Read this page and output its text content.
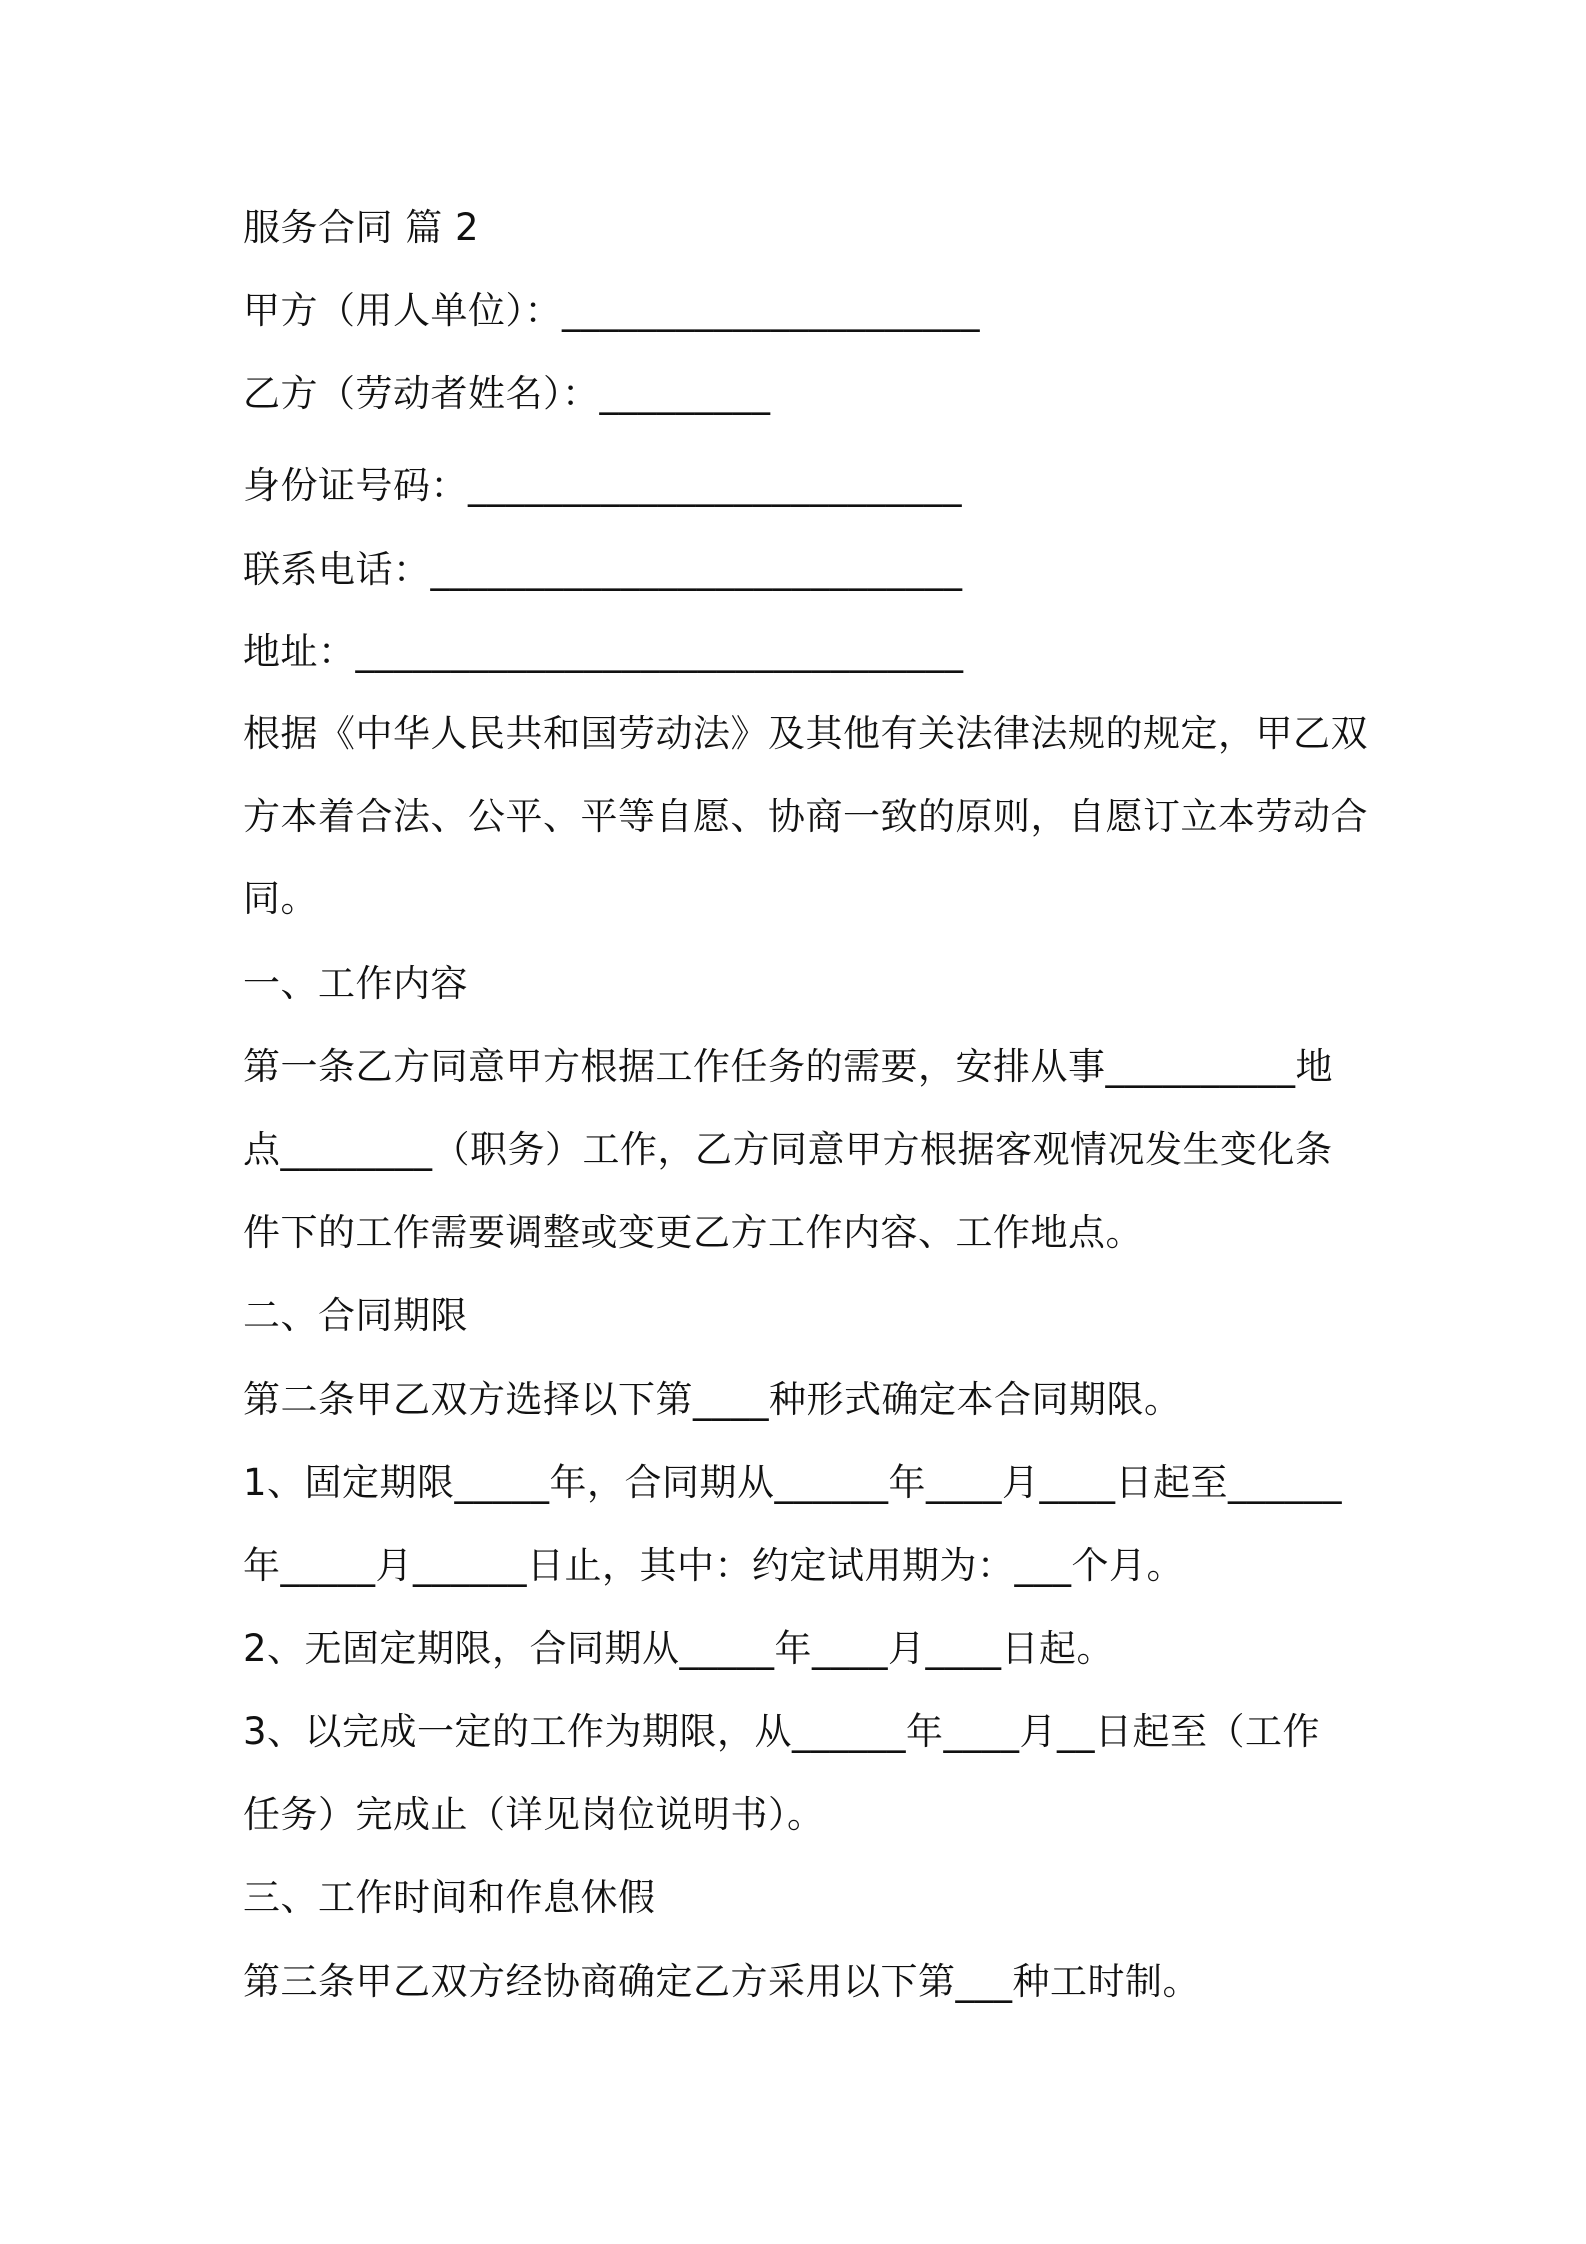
服务合同 篇 2
甲方（用人单位）：______________________
乙方（劳动者姓名）：_________
身份证号码：__________________________
联系电话：____________________________
地址：________________________________
根据《中华人民共和国劳动法》及其他有关法律法规的规定，甲乙双
方本着合法、公平、平等自愿、协商一致的原则，自愿订立本劳动合
同。
一、工作内容
第一条乙方同意甲方根据工作任务的需要，安排从事__________地
点________（职务）工作，乙方同意甲方根据客观情况发生变化条
件下的工作需要调整或变更乙方工作内容、工作地点。
二、合同期限
第二条甲乙双方选择以下第____种形式确定本合同期限。
1、固定期限_____年，合同期从______年____月____日起至______
年_____月______日止，其中：约定试用期为：___个月。
2、无固定期限，合同期从_____年____月____日起。
3、以完成一定的工作为期限，从______年____月__日起至（工作
任务）完成止（详见岗位说明书）。
三、工作时间和作息休假
第三条甲乙双方经协商确定乙方采用以下第___种工时制。
